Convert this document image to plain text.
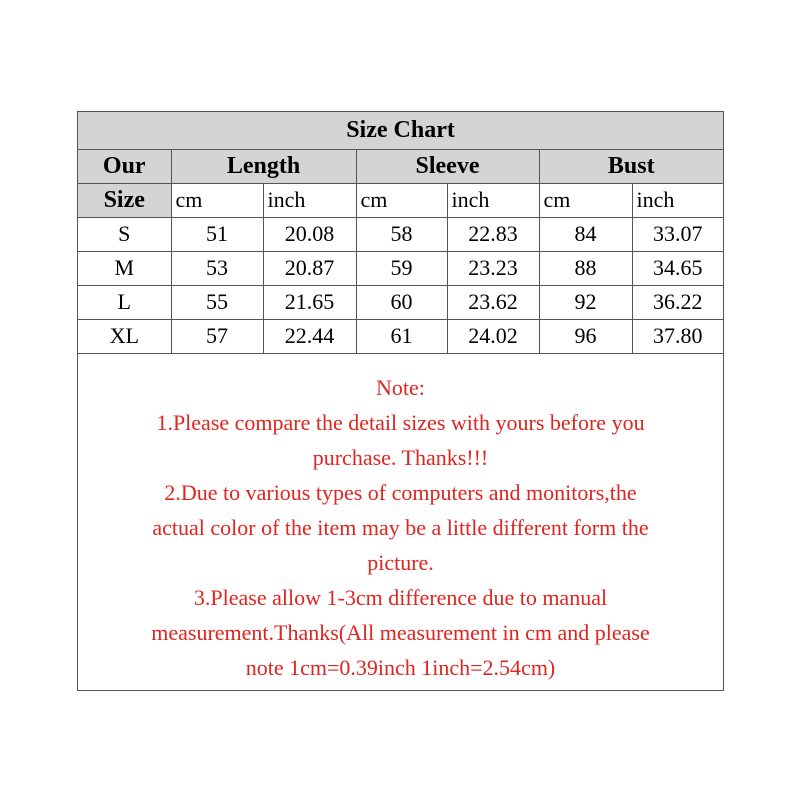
Size Chart						
Our	Length		Sleeve		Bust	
Size	cm	inch	cm	inch	cm	inch
S	51	20.08	58	22.83	84	33.07
M	53	20.87	59	23.23	88	34.65
L	55	21.65	60	23.62	92	36.22
XL	57	22.44	61	24.02	96	37.80
Note:
1.Please compare the detail sizes with yours before you
purchase. Thanks!!!
2.Due to various types of computers and monitors,the
actual color of the item may be a little different form the
picture.
3.Please allow 1-3cm difference due to manual
measurement.Thanks(All measurement in cm and please
note 1cm=0.39inch 1inch=2.54cm)
